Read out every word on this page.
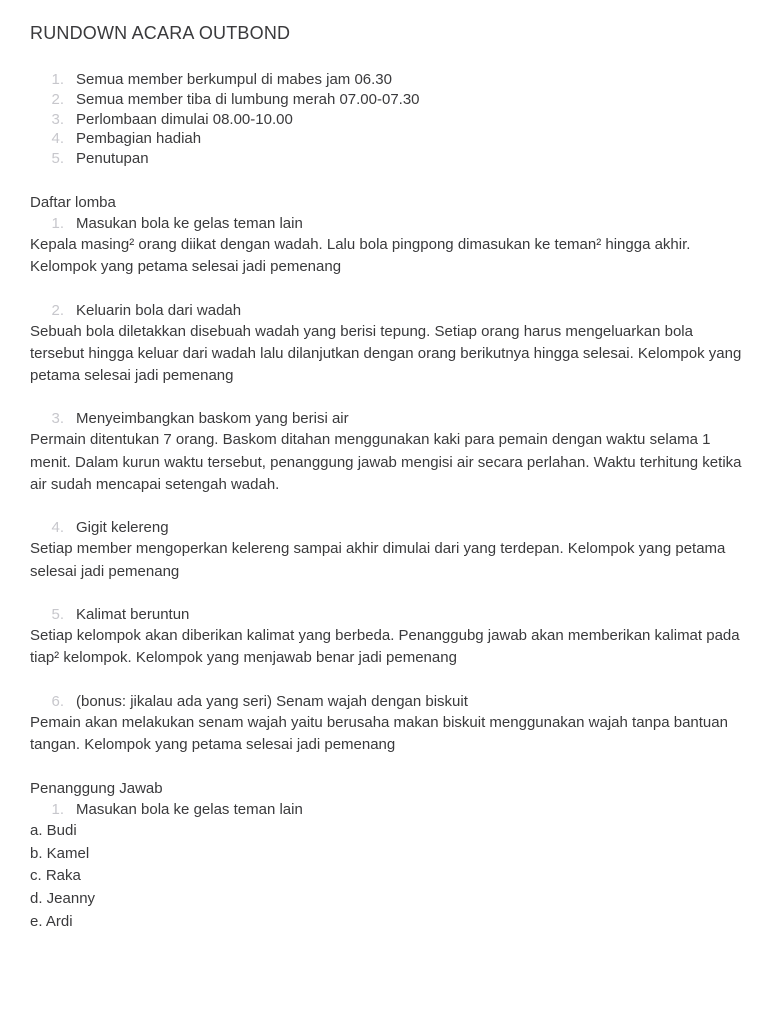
RUNDOWN ACARA OUTBOND
1. Semua member berkumpul di mabes jam 06.30
2. Semua member tiba di lumbung merah 07.00-07.30
3. Perlombaan dimulai 08.00-10.00
4. Pembagian hadiah
5. Penutupan

Daftar lomba

1. Masukan bola ke gelas teman lain

Kepala masing² orang diikat dengan wadah. Lalu bola pingpong dimasukan ke teman² hingga akhir. Kelompok yang petama selesai jadi pemenang

2. Keluarin bola dari wadah

Sebuah bola diletakkan disebuah wadah yang berisi tepung. Setiap orang harus mengeluarkan bola tersebut hingga keluar dari wadah lalu dilanjutkan dengan orang berikutnya hingga selesai. Kelompok yang petama selesai jadi pemenang

3. Menyeimbangkan baskom yang berisi air

Permain ditentukan 7 orang. Baskom ditahan menggunakan kaki para pemain dengan waktu selama 1 menit. Dalam kurun waktu tersebut, penanggung jawab mengisi air secara perlahan. Waktu terhitung ketika air sudah mencapai setengah wadah.

4. Gigit kelereng

Setiap member mengoperkan kelereng sampai akhir dimulai dari yang terdepan. Kelompok yang petama selesai jadi pemenang

5. Kalimat beruntun

Setiap kelompok akan diberikan kalimat yang berbeda. Penanggubg jawab akan memberikan kalimat pada tiap² kelompok. Kelompok yang menjawab benar jadi pemenang

6. (bonus: jikalau ada yang seri) Senam wajah dengan biskuit

Pemain akan melakukan senam wajah yaitu berusaha makan biskuit menggunakan wajah tanpa bantuan tangan. Kelompok yang petama selesai jadi pemenang

Penanggung Jawab

1. Masukan bola ke gelas teman lain
a. Budi
b. Kamel
c. Raka
d. Jeanny
e. Ardi
